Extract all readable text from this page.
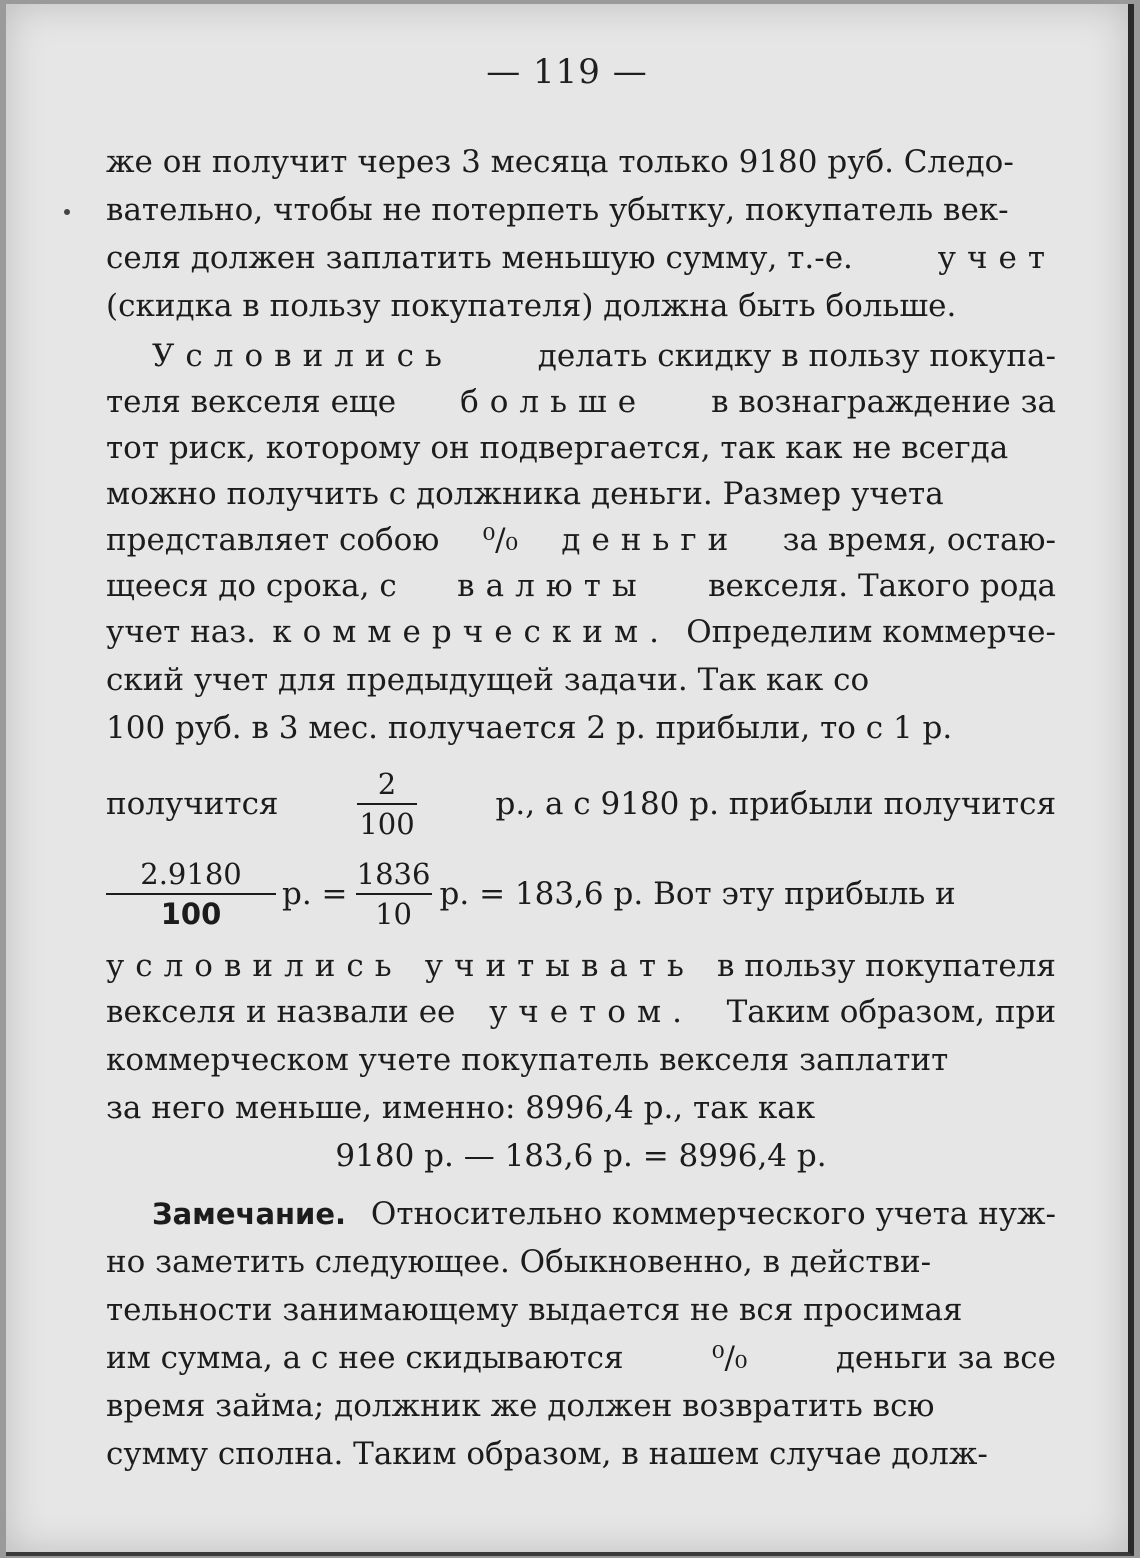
— 119 —
же он получит через 3 месяца только 9180 руб. Следо-
вательно, чтобы не потерпеть убытку, покупатель век-
селя должен заплатить меньшую сумму, т.-е.	учет
(скидка в пользу покупателя) должна быть больше.
Условились	делать скидку в пользу покупа-
теля векселя еще больше в вознаграждение за
тот риск, которому он подвергается, так как не всегда
можно получить с должника деньги. Размер учета
представляет собою ⁰/₀ деньги за время, остаю-
щееся до срока, с валюты векселя. Такого рода
учет наз. коммерческим. Определим коммерче-
ский учет для предыдущей задачи. Так как со
100 руб. в 3 мес. получается 2 р. прибыли, то с 1 р.
получится	$\frac{2}{100}$	р., а с 9180 р. прибыли получится
$\frac{2.9180}{100} р$. = $\frac{1836}{10} р$. = 183,6 р. Вот эту прибыль и
условились учитывать в пользу покупателя
векселя и назвали ее учетом. Таким образом, при
коммерческом учете покупатель векселя заплатит
за него меньше, именно: 8996,4 р., так как
9180 р. — 183,6 р. = 8996,4 р.
Замечание. Относительно коммерческого учета нуж-
но заметить следующее. Обыкновенно, в действи-
тельности занимающему выдается не вся просимая
им сумма, а с нее скидываются	⁰/₀	деньги за все
время займа; должник же должен возвратить всю
сумму сполна. Таким образом, в нашем случае долж-
